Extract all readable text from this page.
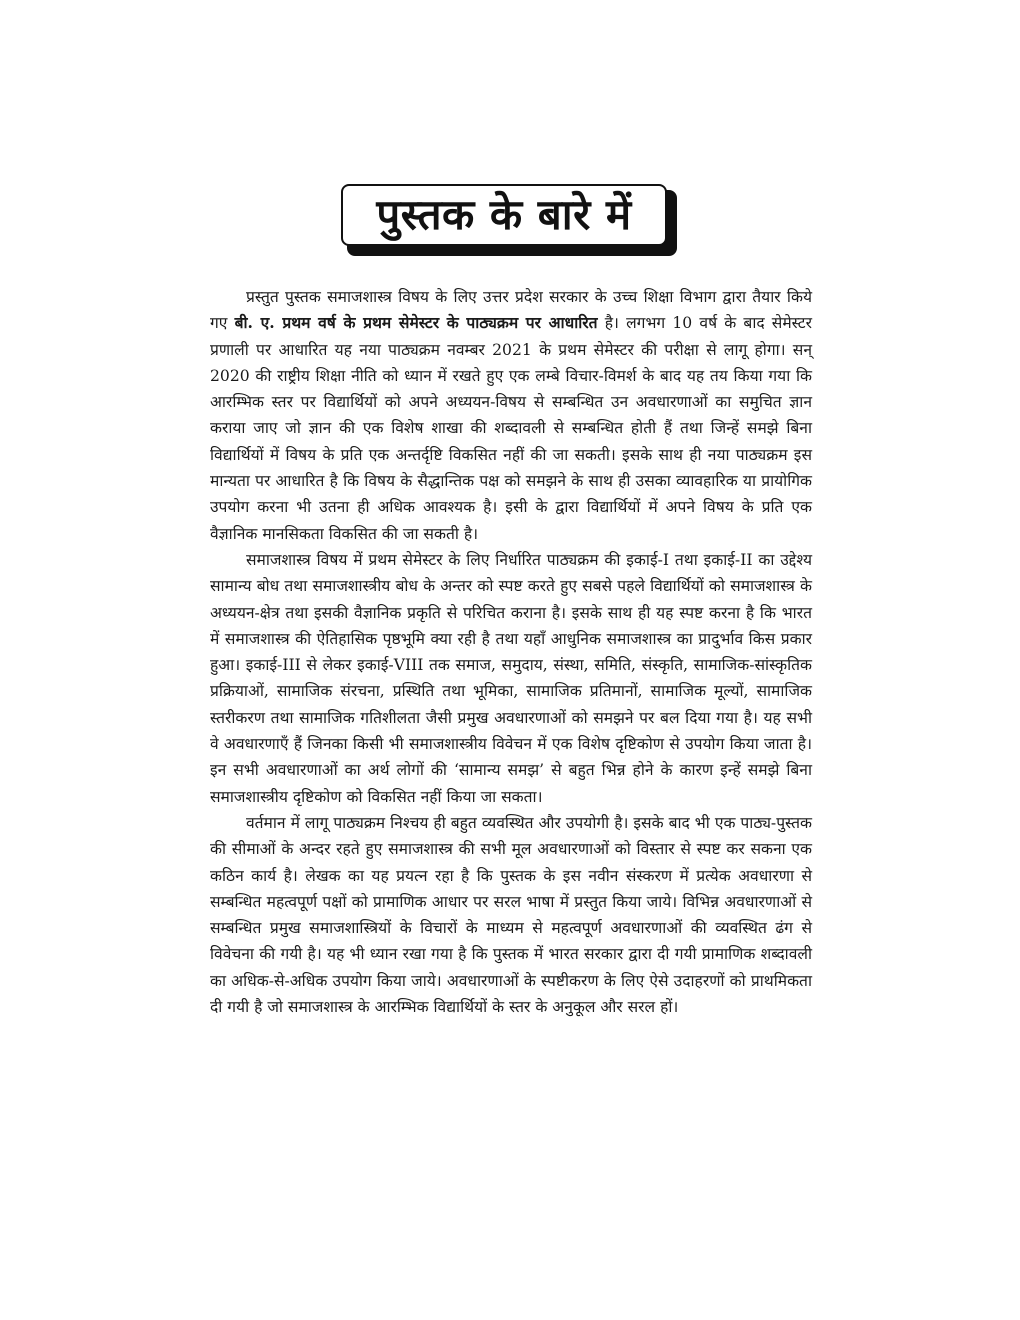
पुस्तक के बारे में

प्रस्तुत पुस्तक समाजशास्त्र विषय के लिए उत्तर प्रदेश सरकार के उच्च शिक्षा विभाग द्वारा तैयार किये गए बी. ए. प्रथम वर्ष के प्रथम सेमेस्टर के पाठ्यक्रम पर आधारित है। लगभग 10 वर्ष के बाद सेमेस्टर प्रणाली पर आधारित यह नया पाठ्यक्रम नवम्बर 2021 के प्रथम सेमेस्टर की परीक्षा से लागू होगा। सन् 2020 की राष्ट्रीय शिक्षा नीति को ध्यान में रखते हुए एक लम्बे विचार-विमर्श के बाद यह तय किया गया कि आरम्भिक स्तर पर विद्यार्थियों को अपने अध्ययन-विषय से सम्बन्धित उन अवधारणाओं का समुचित ज्ञान कराया जाए जो ज्ञान की एक विशेष शाखा की शब्दावली से सम्बन्धित होती हैं तथा जिन्हें समझे बिना विद्यार्थियों में विषय के प्रति एक अन्तर्दृष्टि विकसित नहीं की जा सकती। इसके साथ ही नया पाठ्यक्रम इस मान्यता पर आधारित है कि विषय के सैद्धान्तिक पक्ष को समझने के साथ ही उसका व्यावहारिक या प्रायोगिक उपयोग करना भी उतना ही अधिक आवश्यक है। इसी के द्वारा विद्यार्थियों में अपने विषय के प्रति एक वैज्ञानिक मानसिकता विकसित की जा सकती है।

समाजशास्त्र विषय में प्रथम सेमेस्टर के लिए निर्धारित पाठ्यक्रम की इकाई-I तथा इकाई-II का उद्देश्य सामान्य बोध तथा समाजशास्त्रीय बोध के अन्तर को स्पष्ट करते हुए सबसे पहले विद्यार्थियों को समाजशास्त्र के अध्ययन-क्षेत्र तथा इसकी वैज्ञानिक प्रकृति से परिचित कराना है। इसके साथ ही यह स्पष्ट करना है कि भारत में समाजशास्त्र की ऐतिहासिक पृष्ठभूमि क्या रही है तथा यहाँ आधुनिक समाजशास्त्र का प्रादुर्भाव किस प्रकार हुआ। इकाई-III से लेकर इकाई-VIII तक समाज, समुदाय, संस्था, समिति, संस्कृति, सामाजिक-सांस्कृतिक प्रक्रियाओं, सामाजिक संरचना, प्रस्थिति तथा भूमिका, सामाजिक प्रतिमानों, सामाजिक मूल्यों, सामाजिक स्तरीकरण तथा सामाजिक गतिशीलता जैसी प्रमुख अवधारणाओं को समझने पर बल दिया गया है। यह सभी वे अवधारणाएँ हैं जिनका किसी भी समाजशास्त्रीय विवेचन में एक विशेष दृष्टिकोण से उपयोग किया जाता है। इन सभी अवधारणाओं का अर्थ लोगों की ‘सामान्य समझ’ से बहुत भिन्न होने के कारण इन्हें समझे बिना समाजशास्त्रीय दृष्टिकोण को विकसित नहीं किया जा सकता।

वर्तमान में लागू पाठ्यक्रम निश्चय ही बहुत व्यवस्थित और उपयोगी है। इसके बाद भी एक पाठ्य-पुस्तक की सीमाओं के अन्दर रहते हुए समाजशास्त्र की सभी मूल अवधारणाओं को विस्तार से स्पष्ट कर सकना एक कठिन कार्य है। लेखक का यह प्रयत्न रहा है कि पुस्तक के इस नवीन संस्करण में प्रत्येक अवधारणा से सम्बन्धित महत्वपूर्ण पक्षों को प्रामाणिक आधार पर सरल भाषा में प्रस्तुत किया जाये। विभिन्न अवधारणाओं से सम्बन्धित प्रमुख समाजशास्त्रियों के विचारों के माध्यम से महत्वपूर्ण अवधारणाओं की व्यवस्थित ढंग से विवेचना की गयी है। यह भी ध्यान रखा गया है कि पुस्तक में भारत सरकार द्वारा दी गयी प्रामाणिक शब्दावली का अधिक-से-अधिक उपयोग किया जाये। अवधारणाओं के स्पष्टीकरण के लिए ऐसे उदाहरणों को प्राथमिकता दी गयी है जो समाजशास्त्र के आरम्भिक विद्यार्थियों के स्तर के अनुकूल और सरल हों।
